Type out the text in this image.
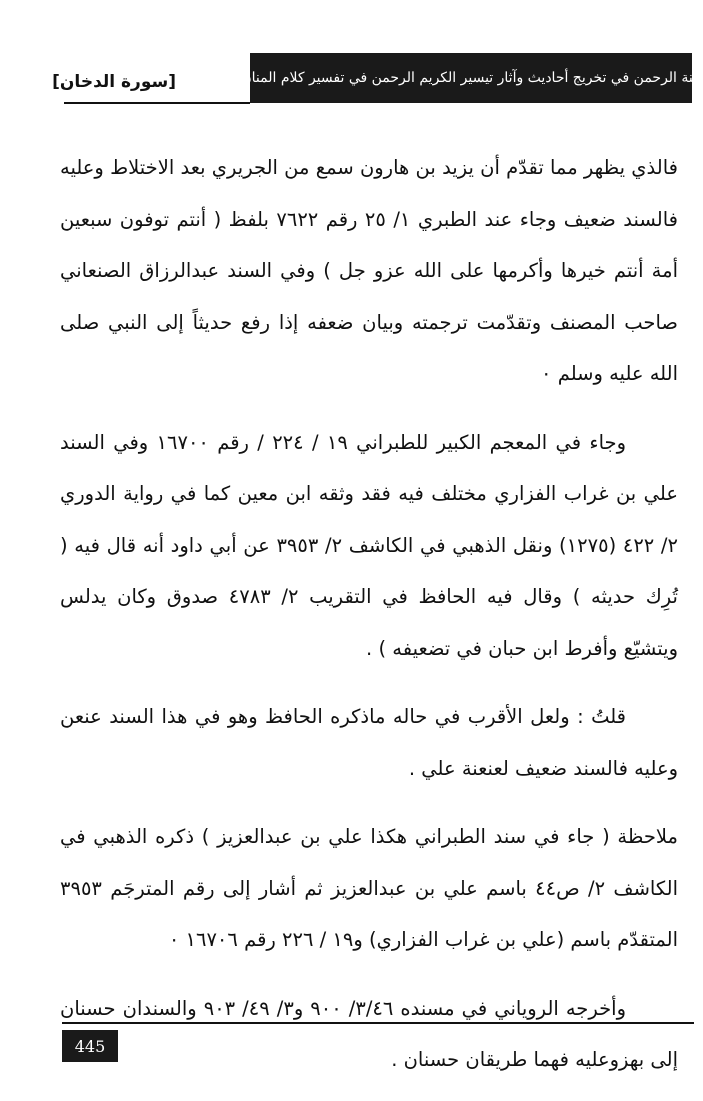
منة الرحمن في تخريج أحاديث وآثار تيسير الكريم الرحمن في تفسير كلام المنان
[سورة الدخان]

فالذي يظهر مما تقدّم أن يزيد بن هارون سمع من الجريري بعد الاختلاط وعليه فالسند ضعيف وجاء عند الطبري ١/ ٢٥ رقم ٧٦٢٢ بلفظ ( أنتم توفون سبعين أمة أنتم خيرها وأكرمها على الله عزو جل ) وفي السند عبدالرزاق الصنعاني صاحب المصنف وتقدّمت ترجمته وبيان ضعفه إذا رفع حديثاً إلى النبي صلى الله عليه وسلم ٠

وجاء في المعجم الكبير للطبراني ١٩ / ٢٢٤ / رقم ١٦٧٠٠ وفي السند علي بن غراب الفزاري مختلف فيه فقد وثقه ابن معين كما في رواية الدوري ٢/ ٤٢٢ (١٢٧٥) ونقل الذهبي في الكاشف ٢/ ٣٩٥٣ عن أبي داود أنه قال فيه ( تُرِك حديثه ) وقال فيه الحافظ في التقريب ٢/ ٤٧٨٣ صدوق وكان يدلس ويتشيّع وأفرط ابن حبان في تضعيفه ) .

قلتُ : ولعل الأقرب في حاله ماذكره الحافظ وهو في هذا السند عنعن وعليه فالسند ضعيف لعنعنة علي .

ملاحظة ( جاء في سند الطبراني هكذا علي بن عبدالعزيز ) ذكره الذهبي في الكاشف ٢/ ص٤٤ باسم علي بن عبدالعزيز ثم أشار إلى رقم المترجَم ٣٩٥٣ المتقدّم باسم (علي بن غراب الفزاري) و١٩ / ٢٢٦ رقم ١٦٧٠٦ ٠

وأخرجه الروياني في مسنده ٣/٤٦/ ٩٠٠ و٣/ ٤٩/ ٩٠٣ والسندان حسنان إلى بهزوعليه فهما طريقان حسنان .

445
